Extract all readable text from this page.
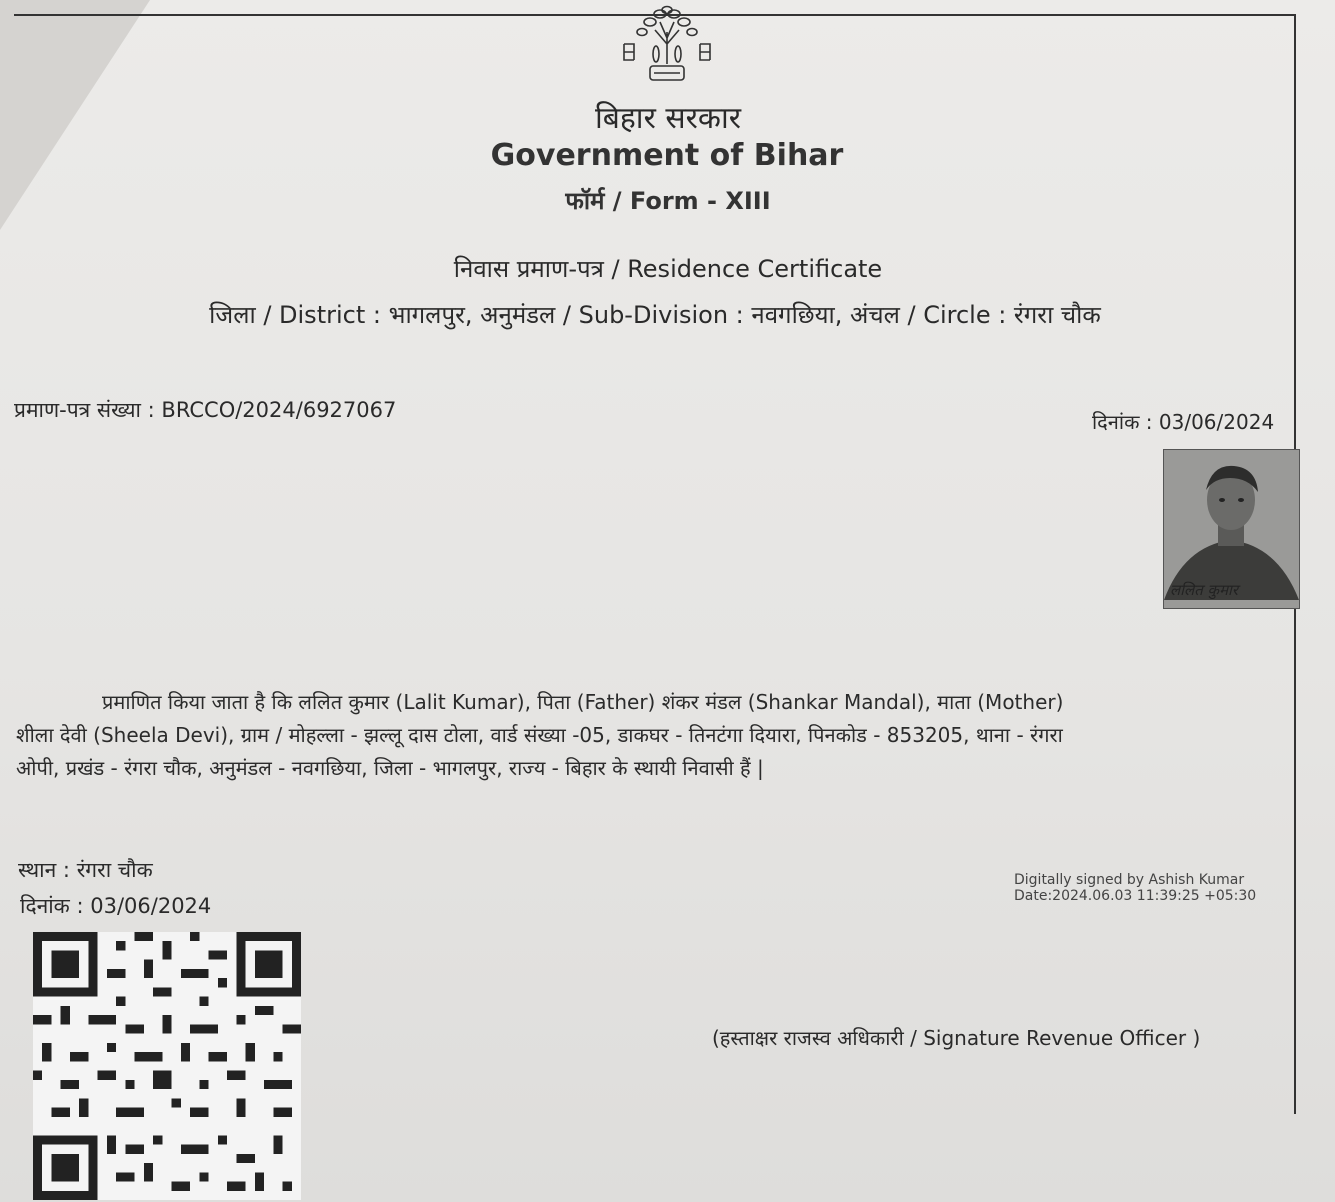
बिहार सरकार

Government of Bihar

फॉर्म / Form - XIII

निवास प्रमाण-पत्र / Residence Certificate

जिला / District : भागलपुर, अनुमंडल / Sub-Division : नवगछिया, अंचल / Circle : रंगरा चौक

प्रमाण-पत्र संख्या : BRCCO/2024/6927067	दिनांक : 03/06/2024

ललित कुमार
प्रमाणित किया जाता है कि ललित कुमार (Lalit Kumar), पिता (Father) शंकर मंडल (Shankar Mandal), माता (Mother)
शीला देवी (Sheela Devi), ग्राम / मोहल्ला - झल्लू दास टोला, वार्ड संख्या -05, डाकघर - तिनटंगा दियारा, पिनकोड - 853205, थाना - रंगरा
ओपी, प्रखंड - रंगरा चौक, अनुमंडल - नवगछिया, जिला - भागलपुर, राज्य - बिहार के स्थायी निवासी हैं |

स्थान : रंगरा चौक

दिनांक : 03/06/2024

Digitally signed by Ashish Kumar

Date:2024.06.03 11:39:25 +05:30

(हस्ताक्षर राजस्व अधिकारी / Signature Revenue Officer )
